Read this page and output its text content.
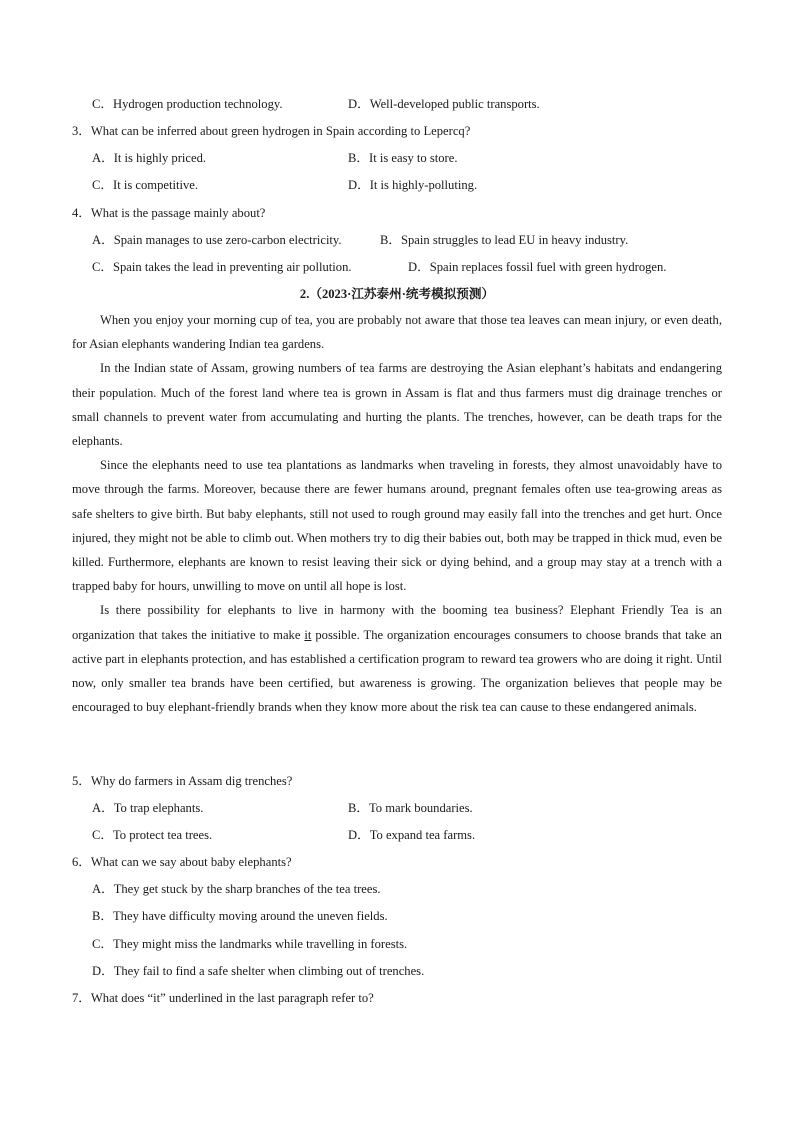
C．Hydrogen production technology.	D．Well-developed public transports.
3．What can be inferred about green hydrogen in Spain according to Lepercq?
A．It is highly priced.	B．It is easy to store.
C．It is competitive.	D．It is highly-polluting.
4．What is the passage mainly about?
A．Spain manages to use zero-carbon electricity.	B．Spain struggles to lead EU in heavy industry.
C．Spain takes the lead in preventing air pollution.	D．Spain replaces fossil fuel with green hydrogen.
2.（2023·江苏泰州·统考模拟预测）
When you enjoy your morning cup of tea, you are probably not aware that those tea leaves can mean injury, or even death, for Asian elephants wandering Indian tea gardens.
In the Indian state of Assam, growing numbers of tea farms are destroying the Asian elephant’s habitats and endangering their population. Much of the forest land where tea is grown in Assam is flat and thus farmers must dig drainage trenches or small channels to prevent water from accumulating and hurting the plants. The trenches, however, can be death traps for the elephants.
Since the elephants need to use tea plantations as landmarks when traveling in forests, they almost unavoidably have to move through the farms. Moreover, because there are fewer humans around, pregnant females often use tea-growing areas as safe shelters to give birth. But baby elephants, still not used to rough ground may easily fall into the trenches and get hurt. Once injured, they might not be able to climb out. When mothers try to dig their babies out, both may be trapped in thick mud, even be killed. Furthermore, elephants are known to resist leaving their sick or dying behind, and a group may stay at a trench with a trapped baby for hours, unwilling to move on until all hope is lost.
Is there possibility for elephants to live in harmony with the booming tea business? Elephant Friendly Tea is an organization that takes the initiative to make it possible. The organization encourages consumers to choose brands that take an active part in elephants protection, and has established a certification program to reward tea growers who are doing it right. Until now, only smaller tea brands have been certified, but awareness is growing. The organization believes that people may be encouraged to buy elephant-friendly brands when they know more about the risk tea can cause to these endangered animals.
5．Why do farmers in Assam dig trenches?
A．To trap elephants.	B．To mark boundaries.
C．To protect tea trees.	D．To expand tea farms.
6．What can we say about baby elephants?
A．They get stuck by the sharp branches of the tea trees.
B．They have difficulty moving around the uneven fields.
C．They might miss the landmarks while travelling in forests.
D．They fail to find a safe shelter when climbing out of trenches.
7．What does “it” underlined in the last paragraph refer to?
